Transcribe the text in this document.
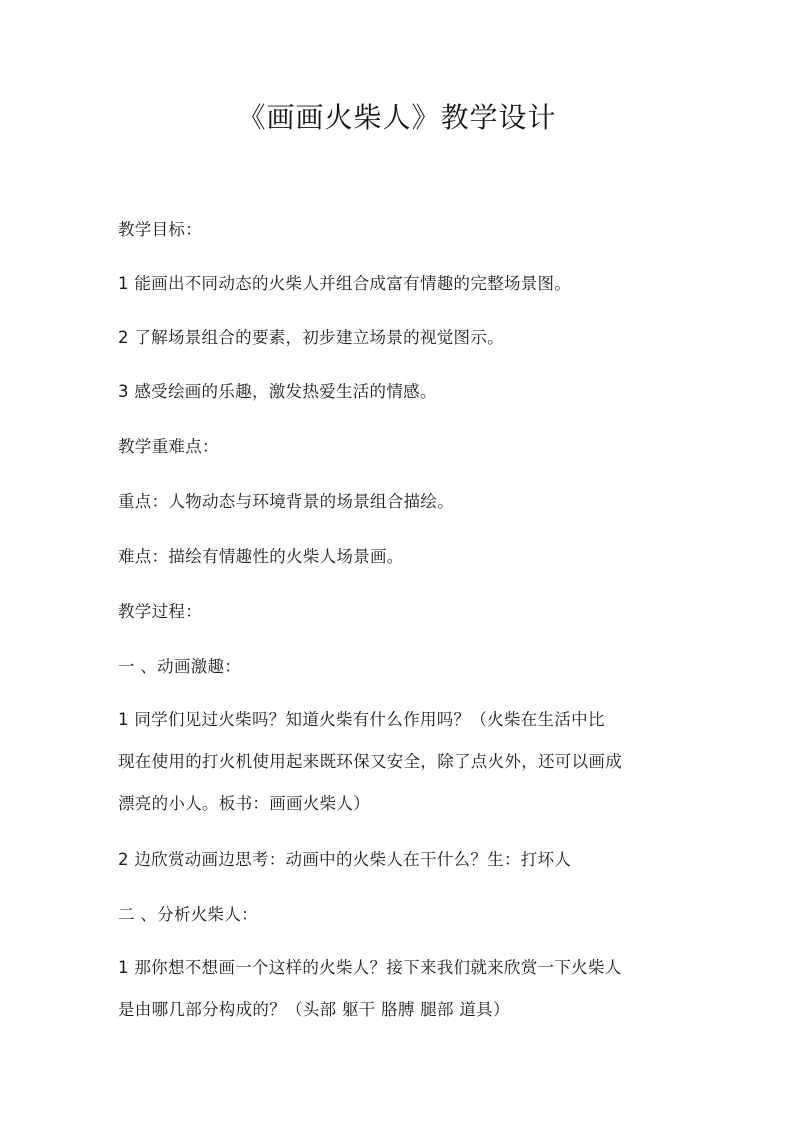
《画画火柴人》教学设计
教学目标：
1 能画出不同动态的火柴人并组合成富有情趣的完整场景图。
2 了解场景组合的要素，初步建立场景的视觉图示。
3 感受绘画的乐趣，激发热爱生活的情感。
教学重难点：
重点：人物动态与环境背景的场景组合描绘。
难点：描绘有情趣性的火柴人场景画。
教学过程：
一 、动画激趣：
1 同学们见过火柴吗？知道火柴有什么作用吗？（火柴在生活中比
现在使用的打火机使用起来既环保又安全，除了点火外，还可以画成
漂亮的小人。板书：画画火柴人）
2 边欣赏动画边思考：动画中的火柴人在干什么？生：打坏人
二 、分析火柴人：
1 那你想不想画一个这样的火柴人？接下来我们就来欣赏一下火柴人
是由哪几部分构成的？（头部 躯干 胳膊 腿部 道具）
